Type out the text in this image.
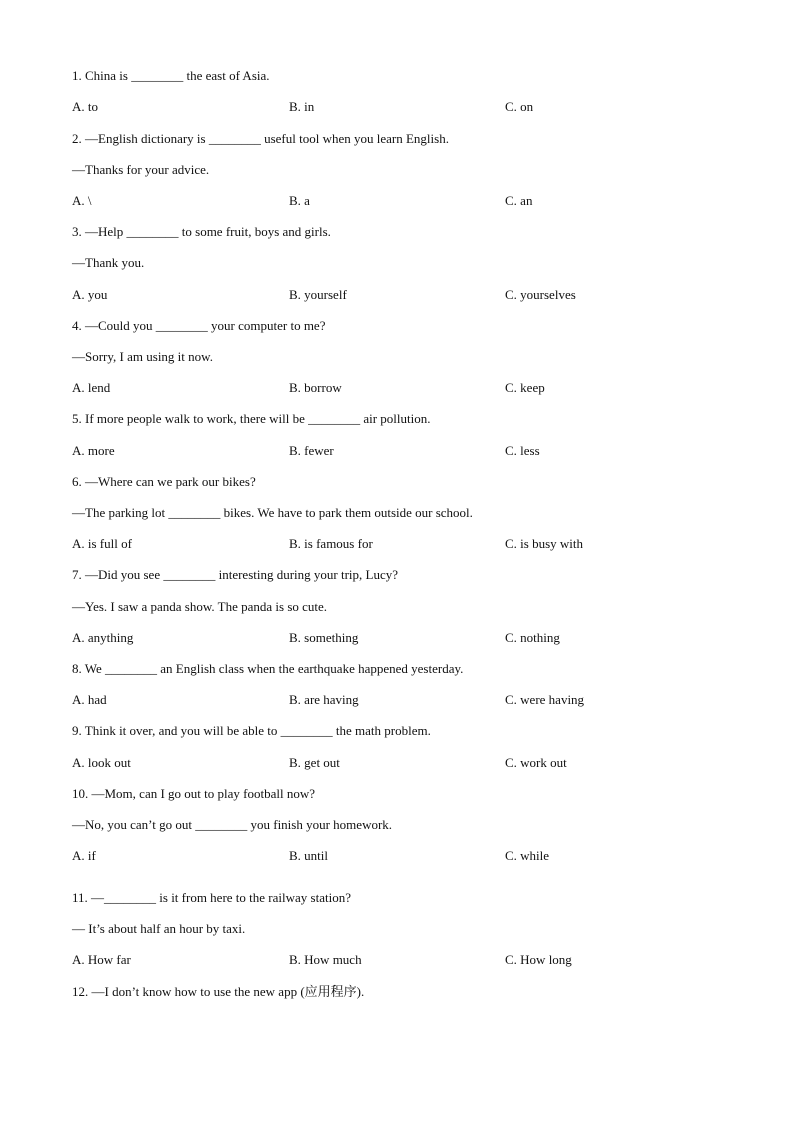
1. China is ________ the east of Asia.
A. to	B. in	C. on
2. —English dictionary is ________ useful tool when you learn English.
—Thanks for your advice.
A. \	B. a	C. an
3. —Help ________ to some fruit, boys and girls.
—Thank you.
A. you	B. yourself	C. yourselves
4. —Could you ________ your computer to me?
—Sorry, I am using it now.
A. lend	B. borrow	C. keep
5. If more people walk to work, there will be ________ air pollution.
A. more	B. fewer	C. less
6. —Where can we park our bikes?
—The parking lot ________ bikes. We have to park them outside our school.
A. is full of	B. is famous for	C. is busy with
7. —Did you see ________ interesting during your trip, Lucy?
—Yes. I saw a panda show. The panda is so cute.
A. anything	B. something	C. nothing
8. We ________ an English class when the earthquake happened yesterday.
A. had	B. are having	C. were having
9. Think it over, and you will be able to ________ the math problem.
A. look out	B. get out	C. work out
10. —Mom, can I go out to play football now?
—No, you can’t go out ________ you finish your homework.
A. if	B. until	C. while
11. —________ is it from here to the railway station?
— It’s about half an hour by taxi.
A. How far	B. How much	C. How long
12. —I don’t know how to use the new app (应用程序).
